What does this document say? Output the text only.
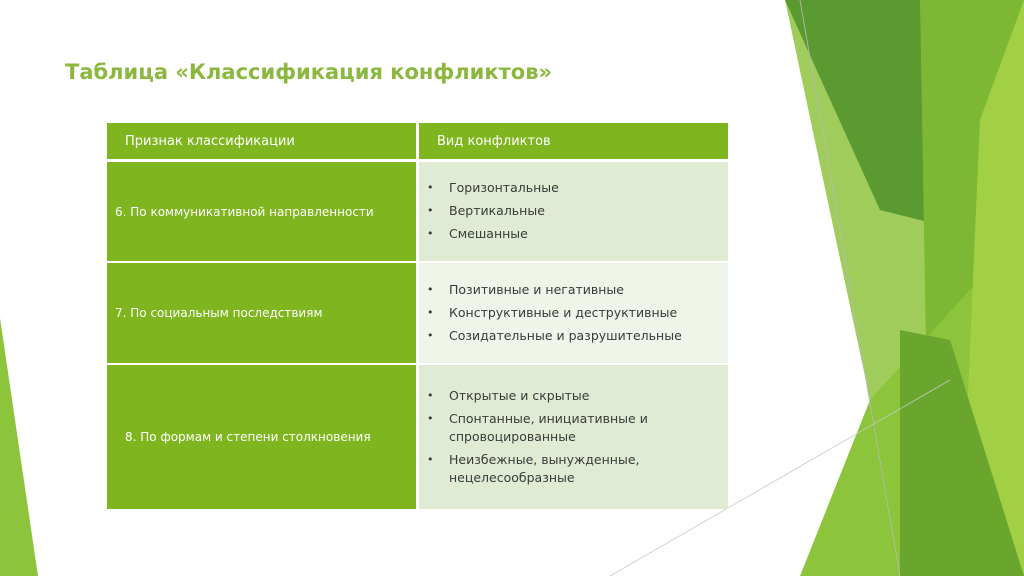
Таблица «Классификация конфликтов»
Признак классификации	Вид конфликтов
6. По коммуникативной направленности
• Горизонтальные
• Вертикальные
• Смешанные
7. По социальным последствиям
• Позитивные и негативные
• Конструктивные и деструктивные
• Созидательные и разрушительные
8. По формам и степени столкновения
• Открытые и скрытые
• Спонтанные, инициативные и спровоцированные
• Неизбежные, вынужденные, нецелесообразные
